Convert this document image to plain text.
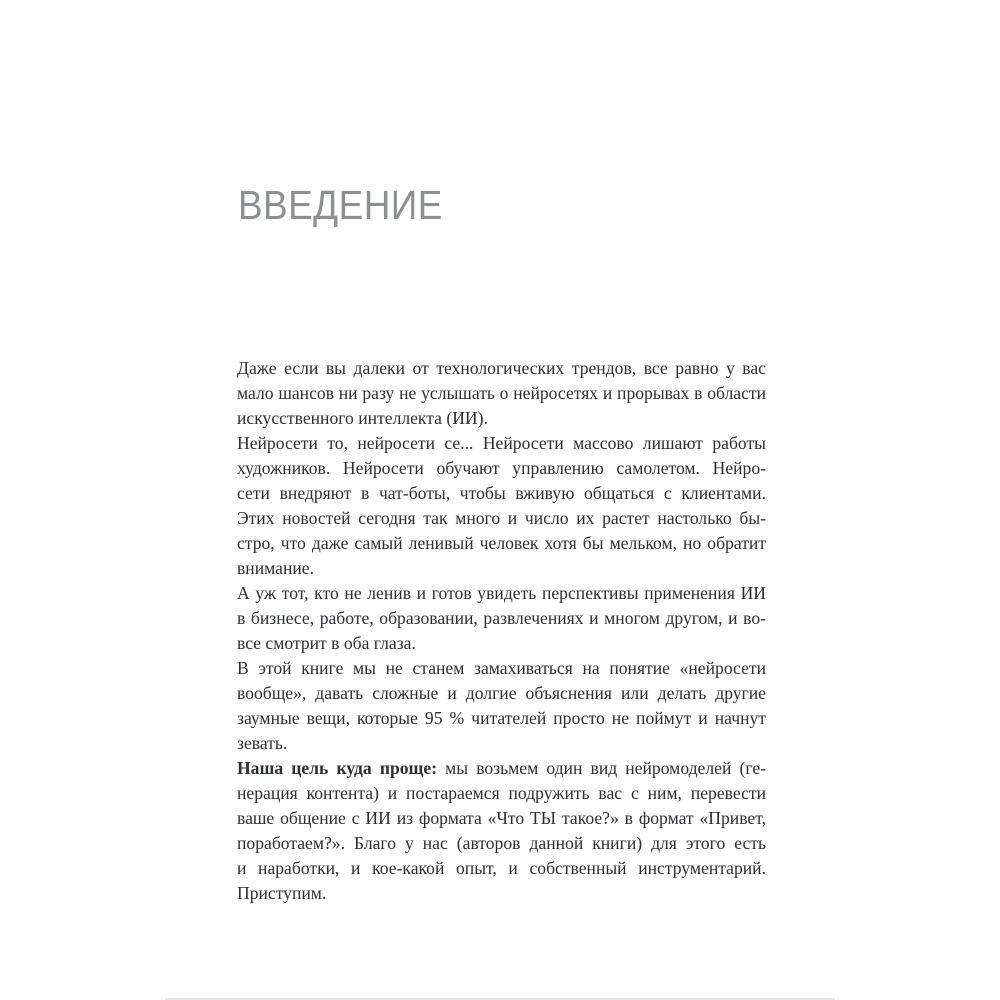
ВВЕДЕНИЕ
Даже если вы далеки от технологических трендов, все равно у вас
мало шансов ни разу не услышать о нейросетях и прорывах в области
искусственного интеллекта (ИИ).
Нейросети то, нейросети се... Нейросети массово лишают работы
художников. Нейросети обучают управлению самолетом. Нейро-
сети внедряют в чат-боты, чтобы вживую общаться с клиентами.
Этих новостей сегодня так много и число их растет настолько бы-
стро, что даже самый ленивый человек хотя бы мельком, но обратит
внимание.
А уж тот, кто не ленив и готов увидеть перспективы применения ИИ
в бизнесе, работе, образовании, развлечениях и многом другом, и во-
все смотрит в оба глаза.
В этой книге мы не станем замахиваться на понятие «нейросети
вообще», давать сложные и долгие объяснения или делать другие
заумные вещи, которые 95 % читателей просто не поймут и начнут
зевать.
Наша цель куда проще: мы возьмем один вид нейромоделей (ге-
нерация контента) и постараемся подружить вас с ним, перевести
ваше общение с ИИ из формата «Что ТЫ такое?» в формат «Привет,
поработаем?». Благо у нас (авторов данной книги) для этого есть
и наработки, и кое-какой опыт, и собственный инструментарий.
Приступим.
